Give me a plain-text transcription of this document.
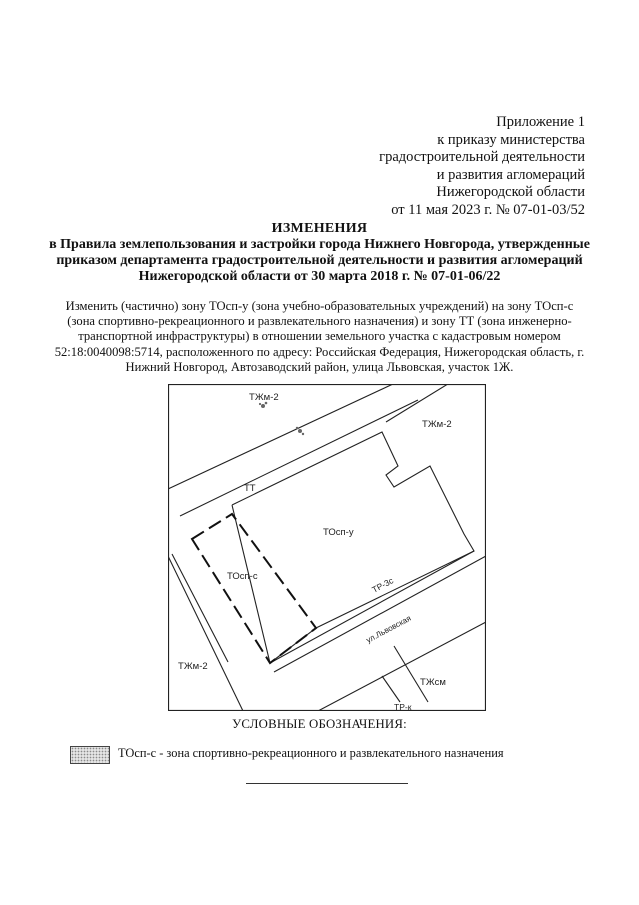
Приложение 1
к приказу министерства
градостроительной деятельности
и развития агломераций
Нижегородской области
от 11 мая 2023 г. № 07-01-03/52
ИЗМЕНЕНИЯ
в Правила землепользования и застройки города Нижнего Новгорода, утвержденные
приказом департамента градостроительной деятельности и развития агломераций
Нижегородской области от 30 марта 2018 г. № 07-01-06/22
Изменить (частично) зону ТОсп-у (зона учебно-образовательных учреждений) на зону ТОсп-с
(зона спортивно-рекреационного и развлекательного назначения) и зону ТТ (зона инженерно-
транспортной инфраструктуры) в отношении земельного участка с кадастровым номером
52:18:0040098:5714, расположенного по адресу: Российская Федерация, Нижегородская область, г.
Нижний Новгород, Автозаводский район, улица Львовская, участок 1Ж.
ТЖм-2
ТЖм-2
ТТ
ТОсп-у
ТОсп-с	ТР-3с
ул.Львовская
ТЖм-2
ТЖсм
ТР-к
УСЛОВНЫЕ ОБОЗНАЧЕНИЯ:
ТОсп-с - зона спортивно-рекреационного и развлекательного назначения
